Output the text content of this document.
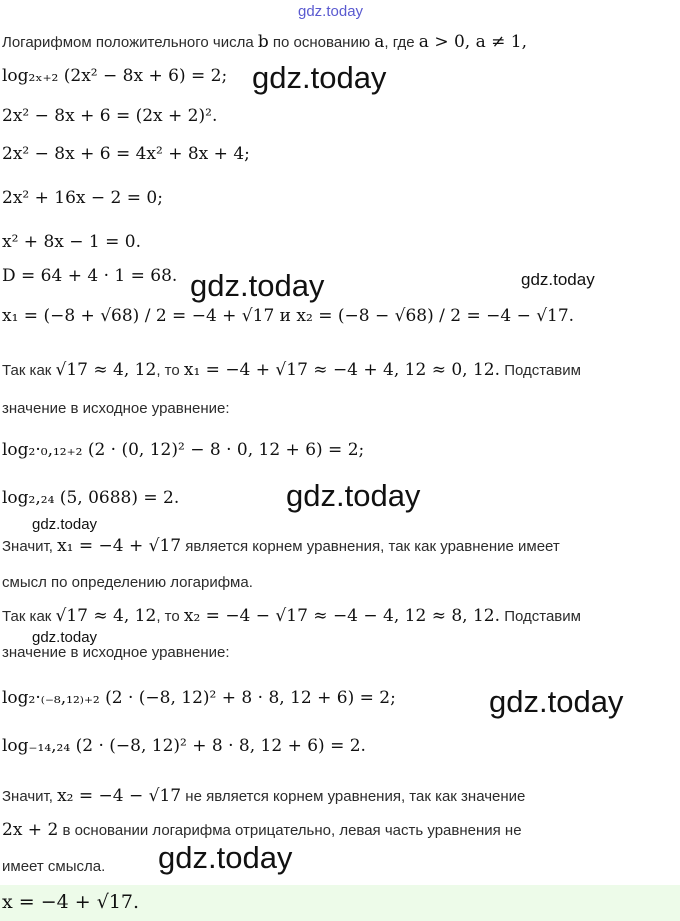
gdz.today
Логарифмом положительного числа b по основанию a, где a > 0, a ≠ 1,
log₂ₓ₊₂ (2x² − 8x + 6) = 2;
2x² − 8x + 6 = (2x + 2)².
2x² − 8x + 6 = 4x² + 8x + 4;
2x² + 16x − 2 = 0;
x² + 8x − 1 = 0.
D = 64 + 4 · 1 = 68.
x₁ = (−8 + √68) / 2 = −4 + √17 и x₂ = (−8 − √68) / 2 = −4 − √17.
Так как √17 ≈ 4, 12, то x₁ = −4 + √17 ≈ −4 + 4, 12 ≈ 0, 12. Подставим
значение в исходное уравнение:
log₂·₀,₁₂₊₂ (2 · (0, 12)² − 8 · 0, 12 + 6) = 2;
log₂,₂₄ (5, 0688) = 2.
Значит, x₁ = −4 + √17 является корнем уравнения, так как уравнение имеет
смысл по определению логарифма.
Так как √17 ≈ 4, 12, то x₂ = −4 − √17 ≈ −4 − 4, 12 ≈ 8, 12. Подставим
значение в исходное уравнение:
log₂·₍₋₈,₁₂₎₊₂ (2 · (−8, 12)² + 8 · 8, 12 + 6) = 2;
log₋₁₄,₂₄ (2 · (−8, 12)² + 8 · 8, 12 + 6) = 2.
Значит, x₂ = −4 − √17 не является корнем уравнения, так как значение
2x + 2 в основании логарифма отрицательно, левая часть уравнения не
имеет смысла.
gdz.today
gdz.today	gdz.today
gdz.today
gdz.today
gdz.today
gdz.today
gdz.today
x = −4 + √17.
